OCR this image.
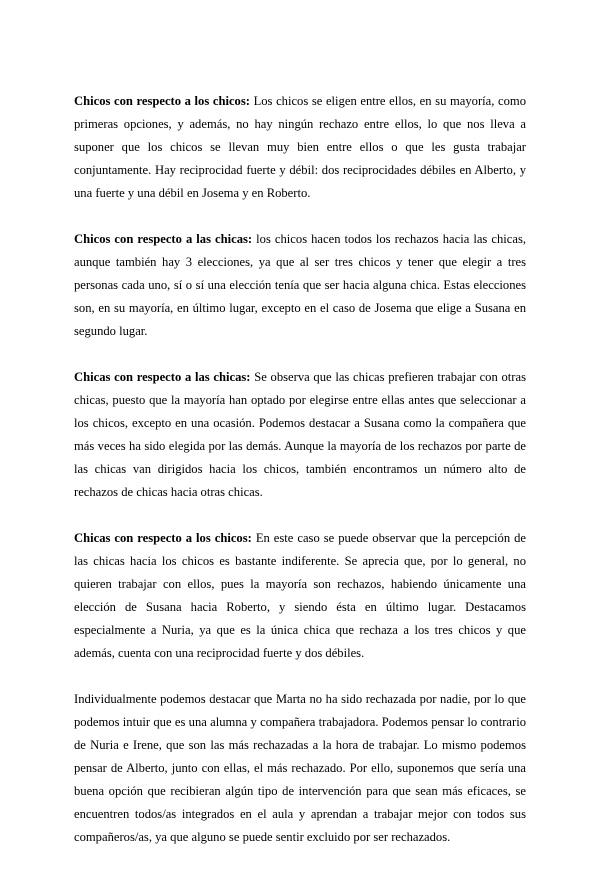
Chicos con respecto a los chicos: Los chicos se eligen entre ellos, en su mayoría, como primeras opciones, y además, no hay ningún rechazo entre ellos, lo que nos lleva a suponer que los chicos se llevan muy bien entre ellos o que les gusta trabajar conjuntamente. Hay reciprocidad fuerte y débil: dos reciprocidades débiles en Alberto, y una fuerte y una débil en Josema y en Roberto.

Chicos con respecto a las chicas: los chicos hacen todos los rechazos hacia las chicas, aunque también hay 3 elecciones, ya que al ser tres chicos y tener que elegir a tres personas cada uno, sí o sí una elección tenía que ser hacia alguna chica. Estas elecciones son, en su mayoría, en último lugar, excepto en el caso de Josema que elige a Susana en segundo lugar.

Chicas con respecto a las chicas: Se observa que las chicas prefieren trabajar con otras chicas, puesto que la mayoría han optado por elegirse entre ellas antes que seleccionar a los chicos, excepto en una ocasión. Podemos destacar a Susana como la compañera que más veces ha sido elegida por las demás. Aunque la mayoría de los rechazos por parte de las chicas van dirigidos hacia los chicos, también encontramos un número alto de rechazos de chicas hacia otras chicas.

Chicas con respecto a los chicos: En este caso se puede observar que la percepción de las chicas hacia los chicos es bastante indiferente. Se aprecia que, por lo general, no quieren trabajar con ellos, pues la mayoría son rechazos, habiendo únicamente una elección de Susana hacia Roberto, y siendo ésta en último lugar. Destacamos especialmente a Nuria, ya que es la única chica que rechaza a los tres chicos y que además, cuenta con una reciprocidad fuerte y dos débiles.

Individualmente podemos destacar que Marta no ha sido rechazada por nadie, por lo que podemos intuir que es una alumna y compañera trabajadora. Podemos pensar lo contrario de Nuria e Irene, que son las más rechazadas a la hora de trabajar. Lo mismo podemos pensar de Alberto, junto con ellas, el más rechazado. Por ello, suponemos que sería una buena opción que recibieran algún tipo de intervención para que sean más eficaces, se encuentren todos/as integrados en el aula y aprendan a trabajar mejor con todos sus compañeros/as, ya que alguno se puede sentir excluido por ser rechazados.
